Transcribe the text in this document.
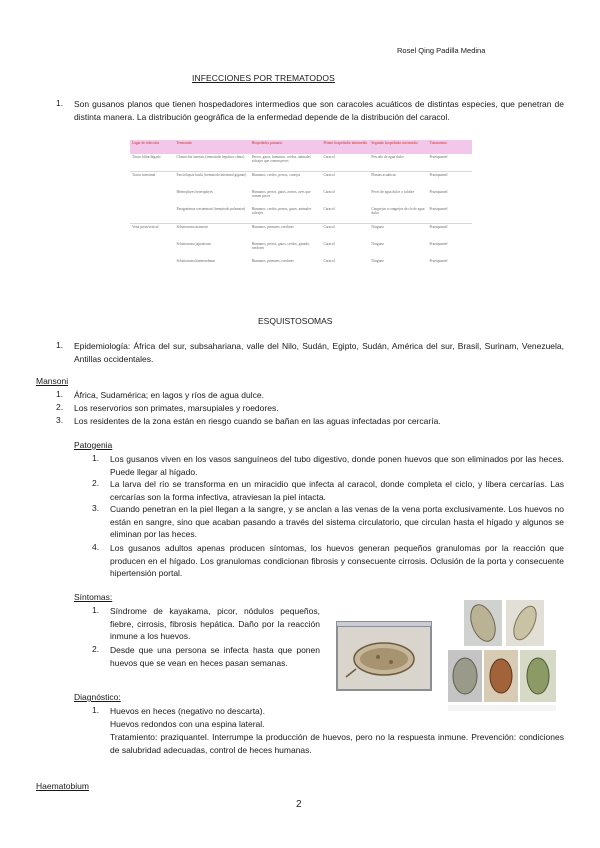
Rosel Qing Padilla Medina
INFECCIONES POR TREMATODOS
1. Son gusanos planos que tienen hospedadores intermedios que son caracoles acuáticos de distintas especies, que penetran de distinta manera. La distribución geográfica de la enfermedad depende de la distribución del caracol.
Lugar de infección	Trematodo	Hospedador primario	Primer hospedador intermedio	Segundo hospedador intermedio	Tratamiento
Tracto biliar/hígado	Clonorchis sinensis (trematodo hepático chino)	Perros, gatos, humanos, cerdos, animales salvajes que comen peces	Caracol	Pescado de agua dulce	Praziquantel
Tracto intestinal	Fasciolopsis buski (trematodo intestinal gigante)	Humanos, cerdos, perros, conejos	Caracol	Plantas acuáticas	Praziquantel
	Heterophyes heterophyes	Humanos, perros, gatos, zorros, aves que comen peces	Caracol	Peces de agua dulce o salobre	Praziquantel
	Paragonimus westermani (trematodo pulmonar)	Humanos, cerdos, perros, gatos, animales salvajes	Caracol	Cangrejos o cangrejos de río de agua dulce	Praziquantel
Vena porta/vesical	Schistosoma mansoni	Humanos, primates, roedores	Caracol	Ninguno	Praziquantel
	Schistosoma japonicum	Humanos, perros, gatos, cerdos, ganado, roedores	Caracol	Ninguno	Praziquantel
	Schistosoma haematobium	Humanos, primates, roedores	Caracol	Ninguno	Praziquantel
ESQUISTOSOMAS
1. Epidemiología: África del sur, subsahariana, valle del Nilo, Sudán, Egipto, Sudán, América del sur, Brasil, Surinam, Venezuela, Antillas occidentales.
Mansoni
1. África, Sudamérica; en lagos y ríos de agua dulce.
2. Los reservorios son primates, marsupiales y roedores.
3. Los residentes de la zona están en riesgo cuando se bañan en las aguas infectadas por cercaría.
Patogenia
1. Los gusanos viven en los vasos sanguíneos del tubo digestivo, donde ponen huevos que son eliminados por las heces. Puede llegar al hígado.
2. La larva del río se transforma en un miracidio que infecta al caracol, donde completa el ciclo, y libera cercarías. Las cercarías son la forma infectiva, atraviesan la piel intacta.
3. Cuando penetran en la piel llegan a la sangre, y se anclan a las venas de la vena porta exclusivamente. Los huevos no están en sangre, sino que acaban pasando a través del sistema circulatorio, que circulan hasta el hígado y algunos se eliminan por las heces.
4. Los gusanos adultos apenas producen síntomas, los huevos generan pequeños granulomas por la reacción que producen en el hígado. Los granulomas condicionan fibrosis y consecuente cirrosis. Oclusión de la porta y consecuente hipertensión portal.
Síntomas:
1. Síndrome de kayakama, picor, nódulos pequeños, fiebre, cirrosis, fibrosis hepática. Daño por la reacción inmune a los huevos.
2. Desde que una persona se infecta hasta que ponen huevos que se vean en heces pasan semanas.
Diagnóstico:
1. Huevos en heces (negativo no descarta).
Huevos redondos con una espina lateral.
Tratamiento: praziquantel. Interrumpe la producción de huevos, pero no la respuesta inmune. Prevención: condiciones de salubridad adecuadas, control de heces humanas.
Haematobium
2
